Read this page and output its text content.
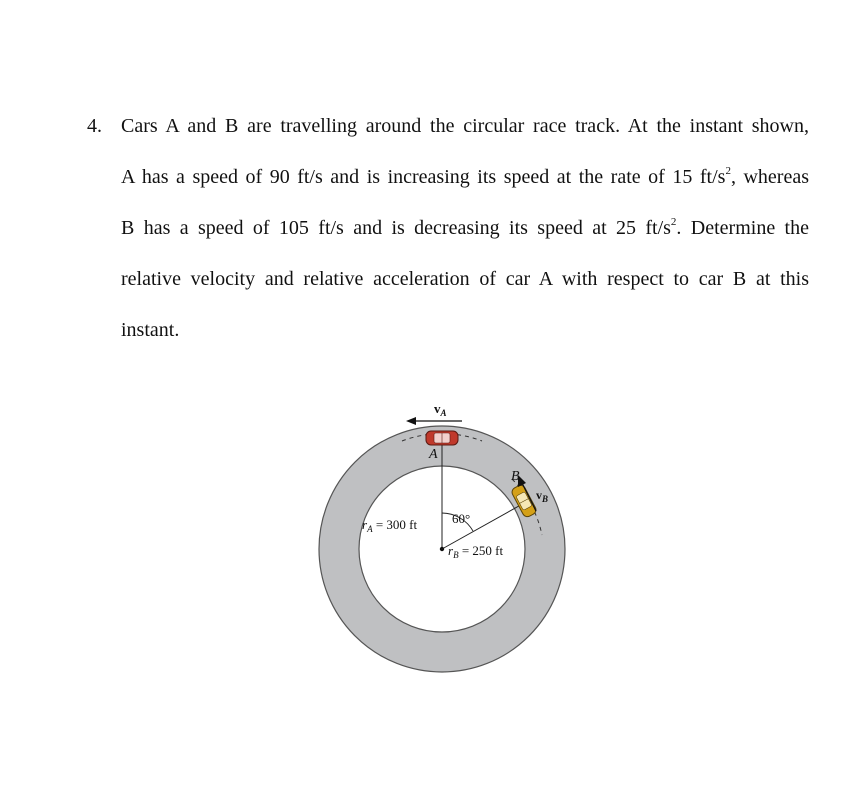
4. Cars A and B are travelling around the circular race track. At the instant shown,
A has a speed of 90 ft/s and is increasing its speed at the rate of 15 $ft/s^2$, whereas
B has a speed of 105 ft/s and is decreasing its speed at 25 $ft/s^2$. Determine the
relative velocity and relative acceleration of car A with respect to car B at this
instant.
$v_A$
A
B
$v_B$
$r_A = 300$ ft	60°
$r_B = 250$ ft
